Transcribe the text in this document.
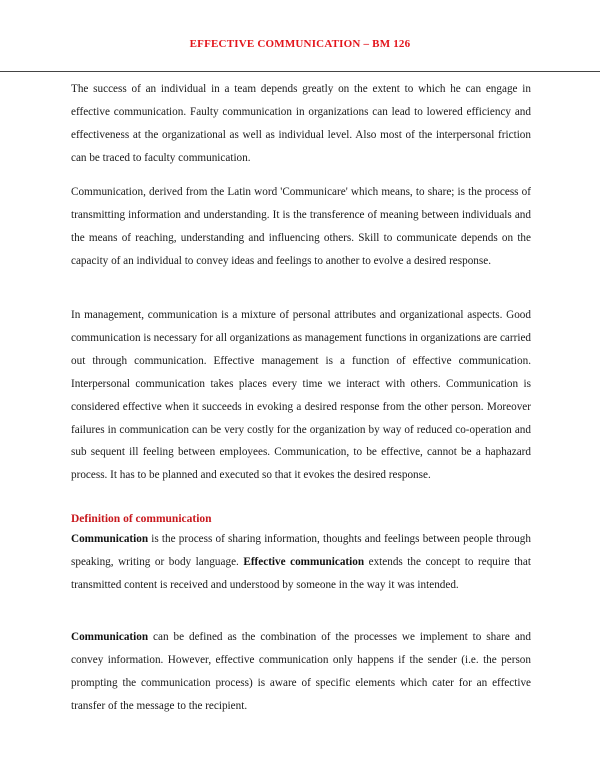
EFFECTIVE COMMUNICATION – BM 126

The success of an individual in a team depends greatly on the extent to which he can engage in effective communication. Faulty communication in organizations can lead to lowered efficiency and effectiveness at the organizational as well as individual level. Also most of the interpersonal friction can be traced to faculty communication.

Communication, derived from the Latin word 'Communicare' which means, to share; is the process of transmitting information and understanding. It is the transference of meaning between individuals and the means of reaching, understanding and influencing others. Skill to communicate depends on the capacity of an individual to convey ideas and feelings to another to evolve a desired response.

In management, communication is a mixture of personal attributes and organizational aspects. Good communication is necessary for all organizations as management functions in organizations are carried out through communication. Effective management is a function of effective communication. Interpersonal communication takes places every time we interact with others. Communication is considered effective when it succeeds in evoking a desired response from the other person. Moreover failures in communication can be very costly for the organization by way of reduced co-operation and sub sequent ill feeling between employees. Communication, to be effective, cannot be a haphazard process. It has to be planned and executed so that it evokes the desired response.

Definition of communication

Communication is the process of sharing information, thoughts and feelings between people through speaking, writing or body language. Effective communication extends the concept to require that transmitted content is received and understood by someone in the way it was intended.

Communication can be defined as the combination of the processes we implement to share and convey information. However, effective communication only happens if the sender (i.e. the person prompting the communication process) is aware of specific elements which cater for an effective transfer of the message to the recipient.
